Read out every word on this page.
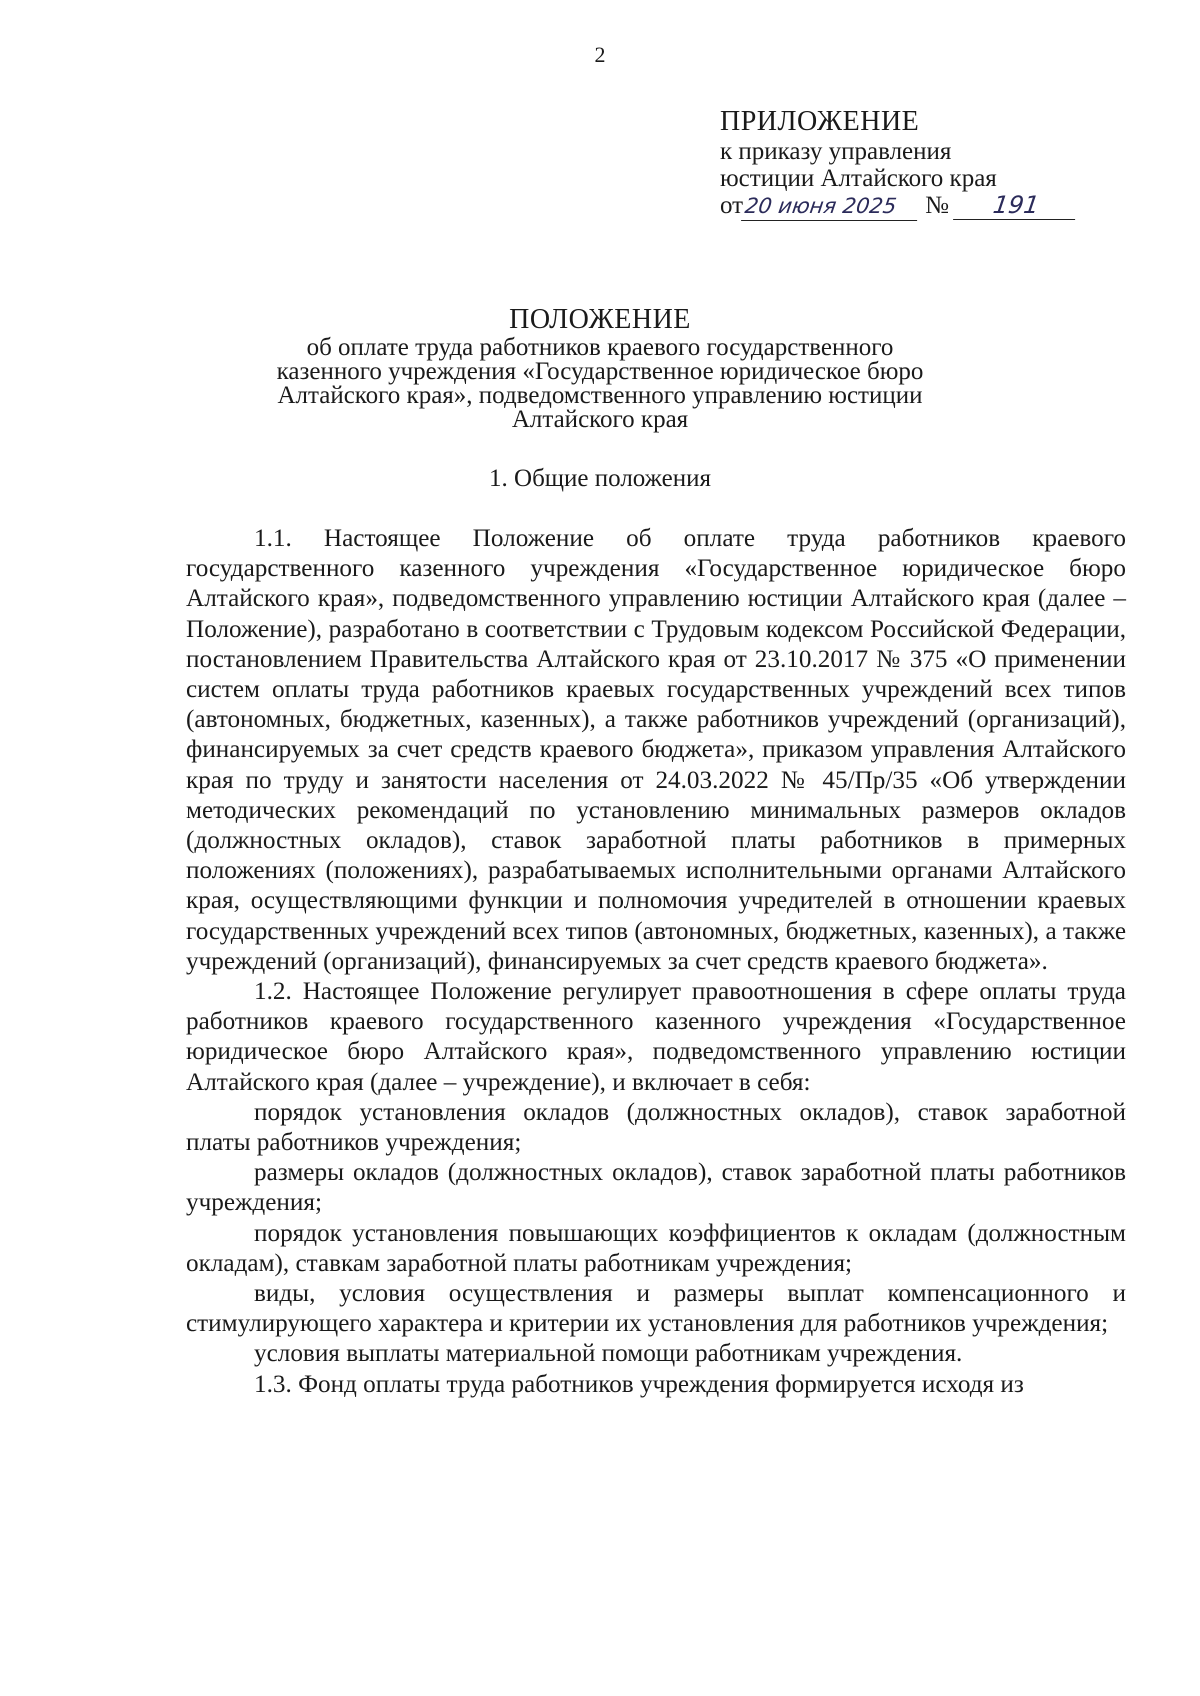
2
ПРИЛОЖЕНИЕ
к приказу управления
юстиции Алтайского края
от20 июня 2025 № 191
ПОЛОЖЕНИЕ
об оплате труда работников краевого государственного
казенного учреждения «Государственное юридическое бюро
Алтайского края», подведомственного управлению юстиции
Алтайского края
1. Общие положения

1.1. Настоящее Положение об оплате труда работников краевого государственного казенного учреждения «Государственное юридическое бюро Алтайского края», подведомственного управлению юстиции Алтайского края (далее – Положение), разработано в соответствии с Трудовым кодексом Российской Федерации, постановлением Правительства Алтайского края от 23.10.2017 № 375 «О применении систем оплаты труда работников краевых государственных учреждений всех типов (автономных, бюджетных, казенных), а также работников учреждений (организаций), финансируемых за счет средств краевого бюджета», приказом управления Алтайского края по труду и занятости населения от 24.03.2022 № 45/Пр/35 «Об утверждении методических рекомендаций по установлению минимальных размеров окладов (должностных окладов), ставок заработной платы работников в примерных положениях (положениях), разрабатываемых исполнительными органами Алтайского края, осуществляющими функции и полномочия учредителей в отношении краевых государственных учреждений всех типов (автономных, бюджетных, казенных), а также учреждений (организаций), финансируемых за счет средств краевого бюджета».

1.2. Настоящее Положение регулирует правоотношения в сфере оплаты труда работников краевого государственного казенного учреждения «Государственное юридическое бюро Алтайского края», подведомственного управлению юстиции Алтайского края (далее – учреждение), и включает в себя:

порядок установления окладов (должностных окладов), ставок заработной платы работников учреждения;

размеры окладов (должностных окладов), ставок заработной платы работников учреждения;

порядок установления повышающих коэффициентов к окладам (должностным окладам), ставкам заработной платы работникам учреждения;

виды, условия осуществления и размеры выплат компенсационного и стимулирующего характера и критерии их установления для работников учреждения;

условия выплаты материальной помощи работникам учреждения.

1.3. Фонд оплаты труда работников учреждения формируется исходя из
